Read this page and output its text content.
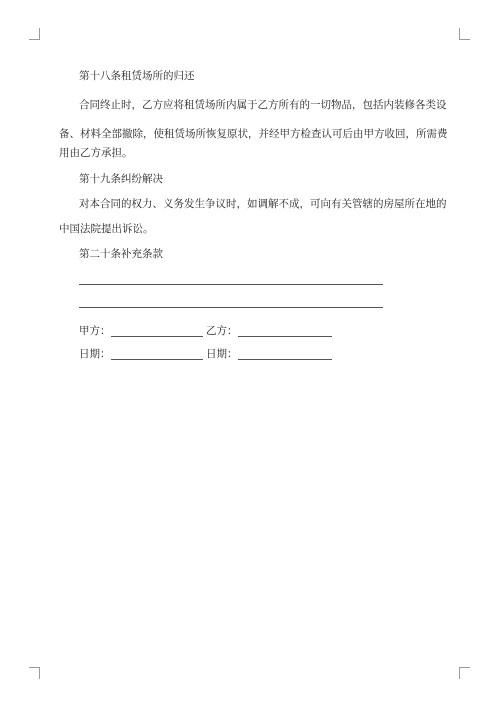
第十八条租赁场所的归还
合同终止时，乙方应将租赁场所内属于乙方所有的一切物品，包括内装修各类设
备、材料全部撤除，使租赁场所恢复原状，并经甲方检查认可后由甲方收回，所需费
用由乙方承担。
第十九条纠纷解决
对本合同的权力、义务发生争议时，如调解不成，可向有关管辖的房屋所在地的
中国法院提出诉讼。
第二十条补充条款
甲方：	乙方：
日期：	日期：
